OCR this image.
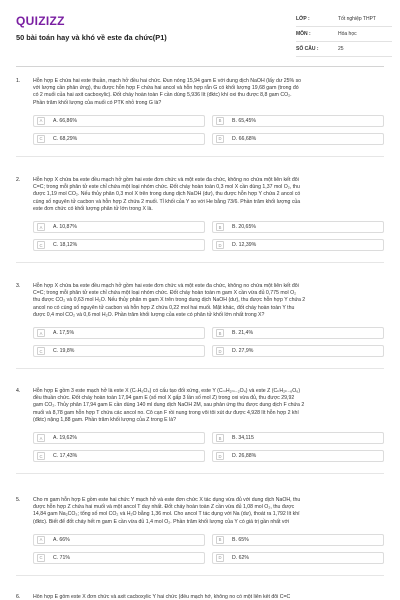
QUIZIZZ
50 bài toán hay và khó về este đa chức(P1)
LỚP :	Tốt nghiệp THPT
MÔN :	Hóa học
SỐ CÂU :	25
1. Hỗn hợp E chứa hai este thuần, mạch hở đều hai chức. Đun nóng 15,94 gam E với dung dịch NaOH (lấy dư 25% so
với lượng cần phản ứng), thu được hỗn hợp F chứa hai ancol và hỗn hợp rắn G có khối lượng 19,68 gam (trong đó
có 2 muối của hai axit cacboxylic). Đốt cháy hoàn toàn F cần dùng 5,936 lít (đktc) khí oxi thu được 8,8 gam CO₂.
Phần trăm khối lượng của muối có PTK nhỏ trong G là?
A	A. 66,86%	B	B. 65,45%
C	C. 68,29%	D	D. 66,68%
2. Hỗn hợp X chứa ba este đều mạch hở gồm hai este đơn chức và một este đa chức, không no chứa một liên kết đôi
C=C; trong mỗi phân tử este chỉ chứa một loại nhóm chức. Đốt cháy hoàn toàn 0,3 mol X cần dùng 1,37 mol O₂, thu
được 1,19 mol CO₂. Nếu thủy phân 0,3 mol X trên trong dung dịch NaOH (dư), thu được hỗn hợp Y chứa 2 ancol có
cùng số nguyên tử cacbon và hỗn hợp Z chứa 2 muối. Tỉ khối của Y so với He bằng 73/6. Phần trăm khối lượng của
este đơn chức có khối lượng phân tử lớn trong X là.
A	A. 10,87%	B	B. 20,65%
C	C. 18,12%	D	D. 12,39%
3. Hỗn hợp X chứa ba este đều mạch hở gồm hai este đơn chức và một este đa chức, không no chứa một liên kết đôi
C=C; trong mỗi phân tử este chỉ chứa một loại nhóm chức. Đốt cháy hoàn toàn m gam X cần vừa đủ 0,775 mol O₂
thu được CO₂ và 0,63 mol H₂O. Nếu thủy phân m gam X trên trong dung dịch NaOH (dư), thu được hỗn hợp Y chứa 2
ancol no có cùng số nguyên tử cacbon và hỗn hợp Z chứa 0,22 mol hai muối. Mặt khác, đốt cháy hoàn toàn Y thu
được 0,4 mol CO₂ và 0,6 mol H₂O. Phần trăm khối lượng của este có phân tử khối lớn nhất trong X?
A	A. 17,5%	B	B. 21,4%
C	C. 19,8%	D	D. 27,9%
4. Hỗn hợp E gồm 3 este mạch hở là este X (CₙH₆O₄) có cấu tạo đối xứng, este Y (CₘH₂ₘ₋₂O₄) và este Z (CₖH₂ₖ₋₆O₆)
đều thuần chức. Đốt cháy hoàn toàn 17,94 gam E (số mol X gấp 3 lần số mol Z) trong oxi vừa đủ, thu được 29,92
gam CO₂. Thủy phân 17,94 gam E cần dùng 140 ml dung dịch NaOH 2M, sau phản ứng thu được dung dịch F chứa 2
muối và 8,78 gam hỗn hợp T chứa các ancol no. Cô cạn F rồi nung trong vôi tôi xút dư được 4,928 lít hỗn hợp 2 khí
(đktc) nặng 1,88 gam. Phần trăm khối lượng của Z trong E là?
A	A. 19,62%	B	B. 34,115
C	C. 17,43%	D	D. 26,88%
5. Cho m gam hỗn hợp E gồm este hai chức Y mạch hở và este đơn chức X tác dụng vừa đủ với dung dịch NaOH, thu
được hỗn hợp Z chứa hai muối và một ancol T duy nhất. Đốt cháy hoàn toàn Z cần vừa đủ 1,08 mol O₂, thu được
14,84 gam Na₂CO₃; tổng số mol CO₂ và H₂O bằng 1,36 mol. Cho ancol T tác dụng với Na (dư), thoát ra 1,792 lít khí
(đktc). Biết để đốt cháy hết m gam E cần vừa đủ 1,4 mol O₂. Phần trăm khối lượng của Y có giá trị gần nhất với
A	A. 66%	B	B. 65%
C	C. 71%	D	D. 62%
6. Hỗn hợp E gồm este X đơn chức và axit cacboxylic Y hai chức (đều mạch hở, không no có một liên kết đôi C=C
